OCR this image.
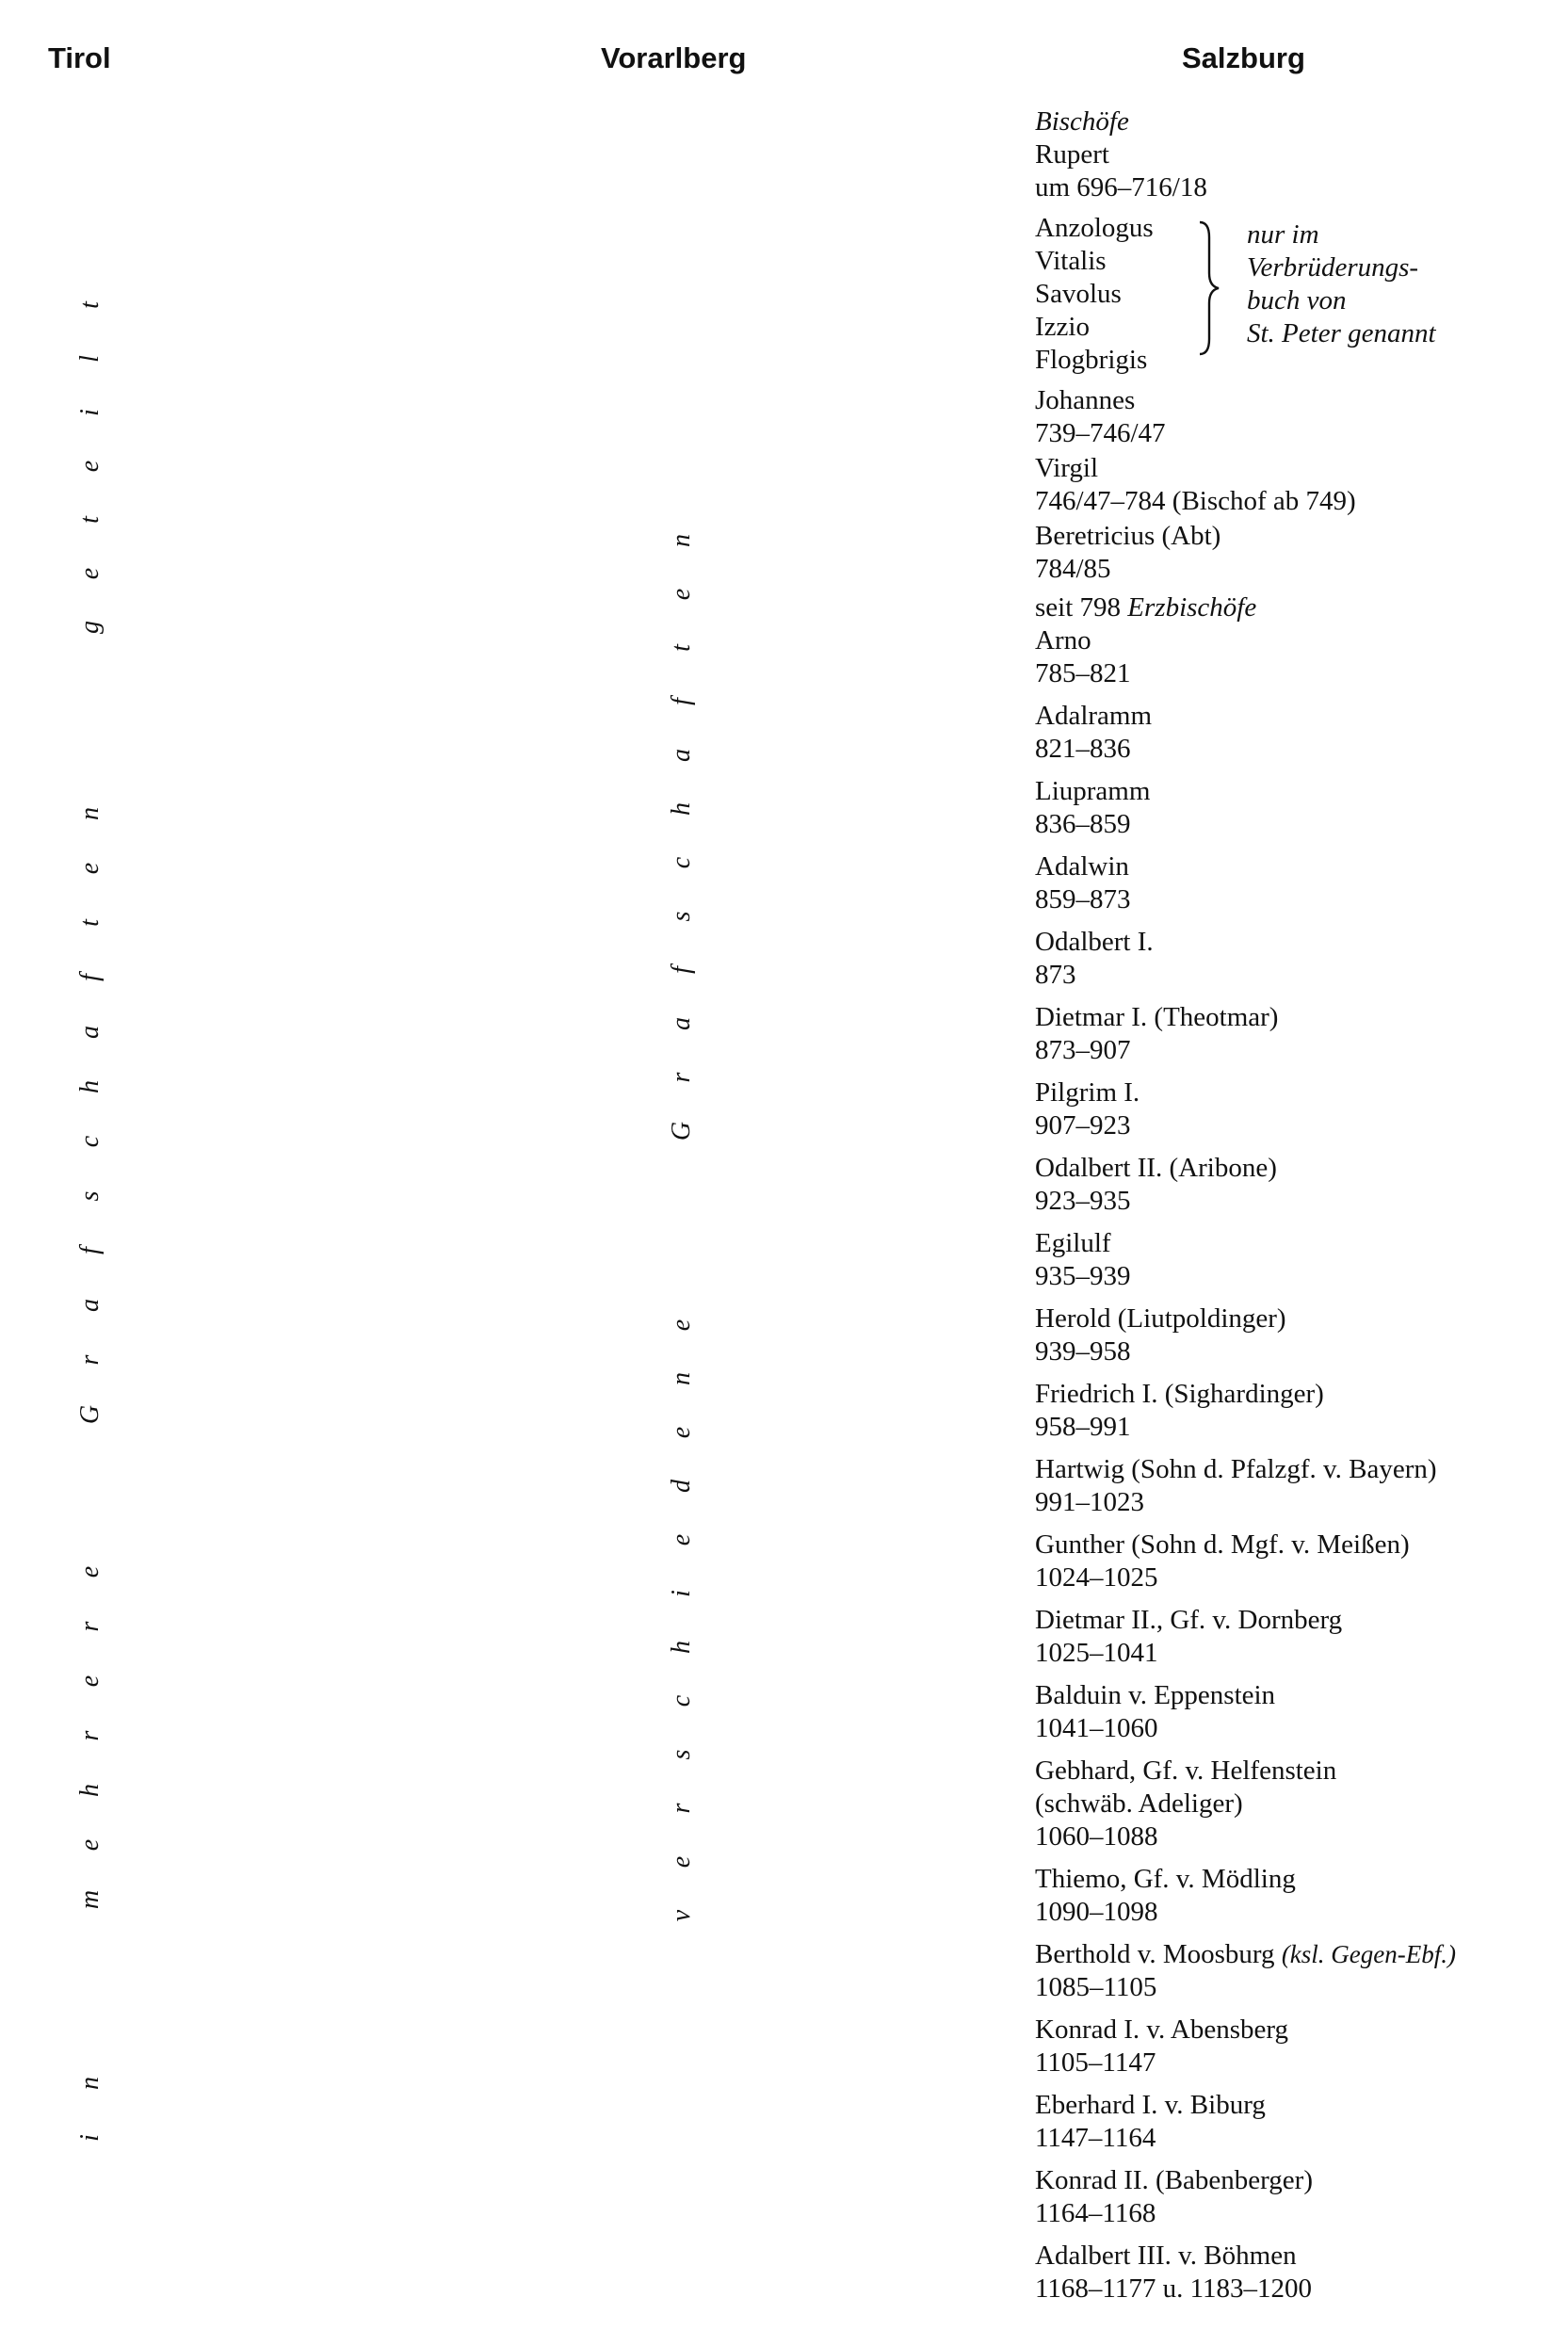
Tirol	Vorarlberg	Salzburg
g
e
t
e
i
l
t
G
r
a
f
s
c
h
a
f
t
e
n
m
e
h
r
e
r
e
i
n
G
r
a
f
s
c
h
a
f
t
e
n
v
e
r
s
c
h
i
e
d
e
n
e
Bischöfe
Rupert
um 696–716/18
Anzologus
Vitalis
Savolus
Izzio
Flogbrigis
Johannes
739–746/47
Virgil
746/47–784 (Bischof ab 749)
Beretricius (Abt)
784/85
seit 798 Erzbischöfe
Arno
785–821
Adalramm
821–836
Liupramm
836–859
Adalwin
859–873
Odalbert I.
873
Dietmar I. (Theotmar)
873–907
Pilgrim I.
907–923
Odalbert II. (Aribone)
923–935
Egilulf
935–939
Herold (Liutpoldinger)
939–958
Friedrich I. (Sighardinger)
958–991
Hartwig (Sohn d. Pfalzgf. v. Bayern)
991–1023
Gunther (Sohn d. Mgf. v. Meißen)
1024–1025
Dietmar II., Gf. v. Dornberg
1025–1041
Balduin v. Eppenstein
1041–1060
Gebhard, Gf. v. Helfenstein
(schwäb. Adeliger)
1060–1088
Thiemo, Gf. v. Mödling
1090–1098
Berthold v. Moosburg (ksl. Gegen-Ebf.)

1085–1105
Konrad I. v. Abensberg
1105–1147
Eberhard I. v. Biburg
1147–1164
Konrad II. (Babenberger)
1164–1168
Adalbert III. v. Böhmen
1168–1177 u. 1183–1200
nur im
Verbrüderungs-
buch von
St. Peter genannt
